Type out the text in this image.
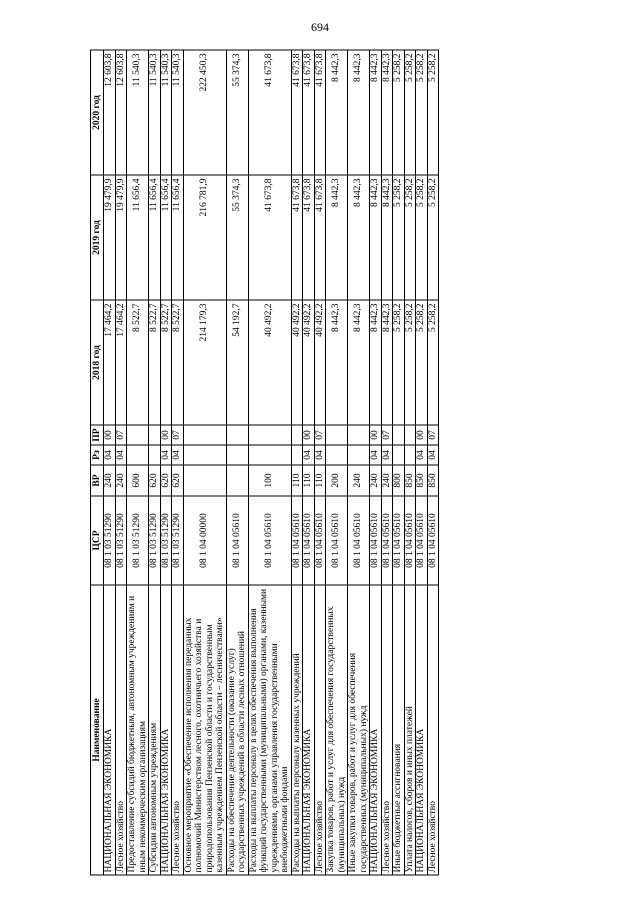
694
Наименование	ЦСР	ВР	Рз	ПР	2018 год	2019 год	2020 год
НАЦИОНАЛЬНАЯ ЭКОНОМИКА	08 1 03 51290	240	04	00	17 464,2	19 479,9	12 603,8
Лесное хозяйство	08 1 03 51290	240	04	07	17 464,2	19 479,9	12 603,8
Предоставление субсидий бюджетным, автономным учреждениям и иным некоммерческим организациям	08 1 03 51290	600			8 522,7	11 656,4	11 540,3
Субсидии автономным учреждениям	08 1 03 51290	620			8 522,7	11 656,4	11 540,3
НАЦИОНАЛЬНАЯ ЭКОНОМИКА	08 1 03 51290	620	04	00	8 522,7	11 656,4	11 540,3
Лесное хозяйство	08 1 03 51290	620	04	07	8 522,7	11 656,4	11 540,3
Основное мероприятие «Обеспечение исполнения переданных полномочий Министерством лесного, охотничьего хозяйства и природопользования Пензенской области и государственным казенным учреждением Пензенской области – лесничествами»	08 1 04 00000				214 179,3	216 781,9	222 450,3
Расходы на обеспечение деятельности (оказание услуг) государственных учреждений в области лесных отношений	08 1 04 05610				54 192,7	55 374,3	55 374,3
Расходы на выплаты персоналу в целях обеспечения выполнения функций государственными (муниципальными) органами, казенными учреждениями, органами управления государственными внебюджетными фондами	08 1 04 05610	100			40 492,2	41 673,8	41 673,8
Расходы на выплаты персоналу казенных учреждений	08 1 04 05610	110			40 492,2	41 673,8	41 673,8
НАЦИОНАЛЬНАЯ ЭКОНОМИКА	08 1 04 05610	110	04	00	40 492,2	41 673,8	41 673,8
Лесное хозяйство	08 1 04 05610	110	04	07	40 492,2	41 673,8	41 673,8
Закупка товаров, работ и услуг для обеспечения государственных (муниципальных) нужд	08 1 04 05610	200			8 442,3	8 442,3	8 442,3
Иные закупки товаров, работ и услуг для обеспечения государственных (муниципальных) нужд	08 1 04 05610	240			8 442,3	8 442,3	8 442,3
НАЦИОНАЛЬНАЯ ЭКОНОМИКА	08 1 04 05610	240	04	00	8 442,3	8 442,3	8 442,3
Лесное хозяйство	08 1 04 05610	240	04	07	8 442,3	8 442,3	8 442,3
Иные бюджетные ассигнования	08 1 04 05610	800			5 258,2	5 258,2	5 258,2
Уплата налогов, сборов и иных платежей	08 1 04 05610	850			5 258,2	5 258,2	5 258,2
НАЦИОНАЛЬНАЯ ЭКОНОМИКА	08 1 04 05610	850	04	00	5 258,2	5 258,2	5 258,2
Лесное хозяйство	08 1 04 05610	850	04	07	5 258,2	5 258,2	5 258,2
